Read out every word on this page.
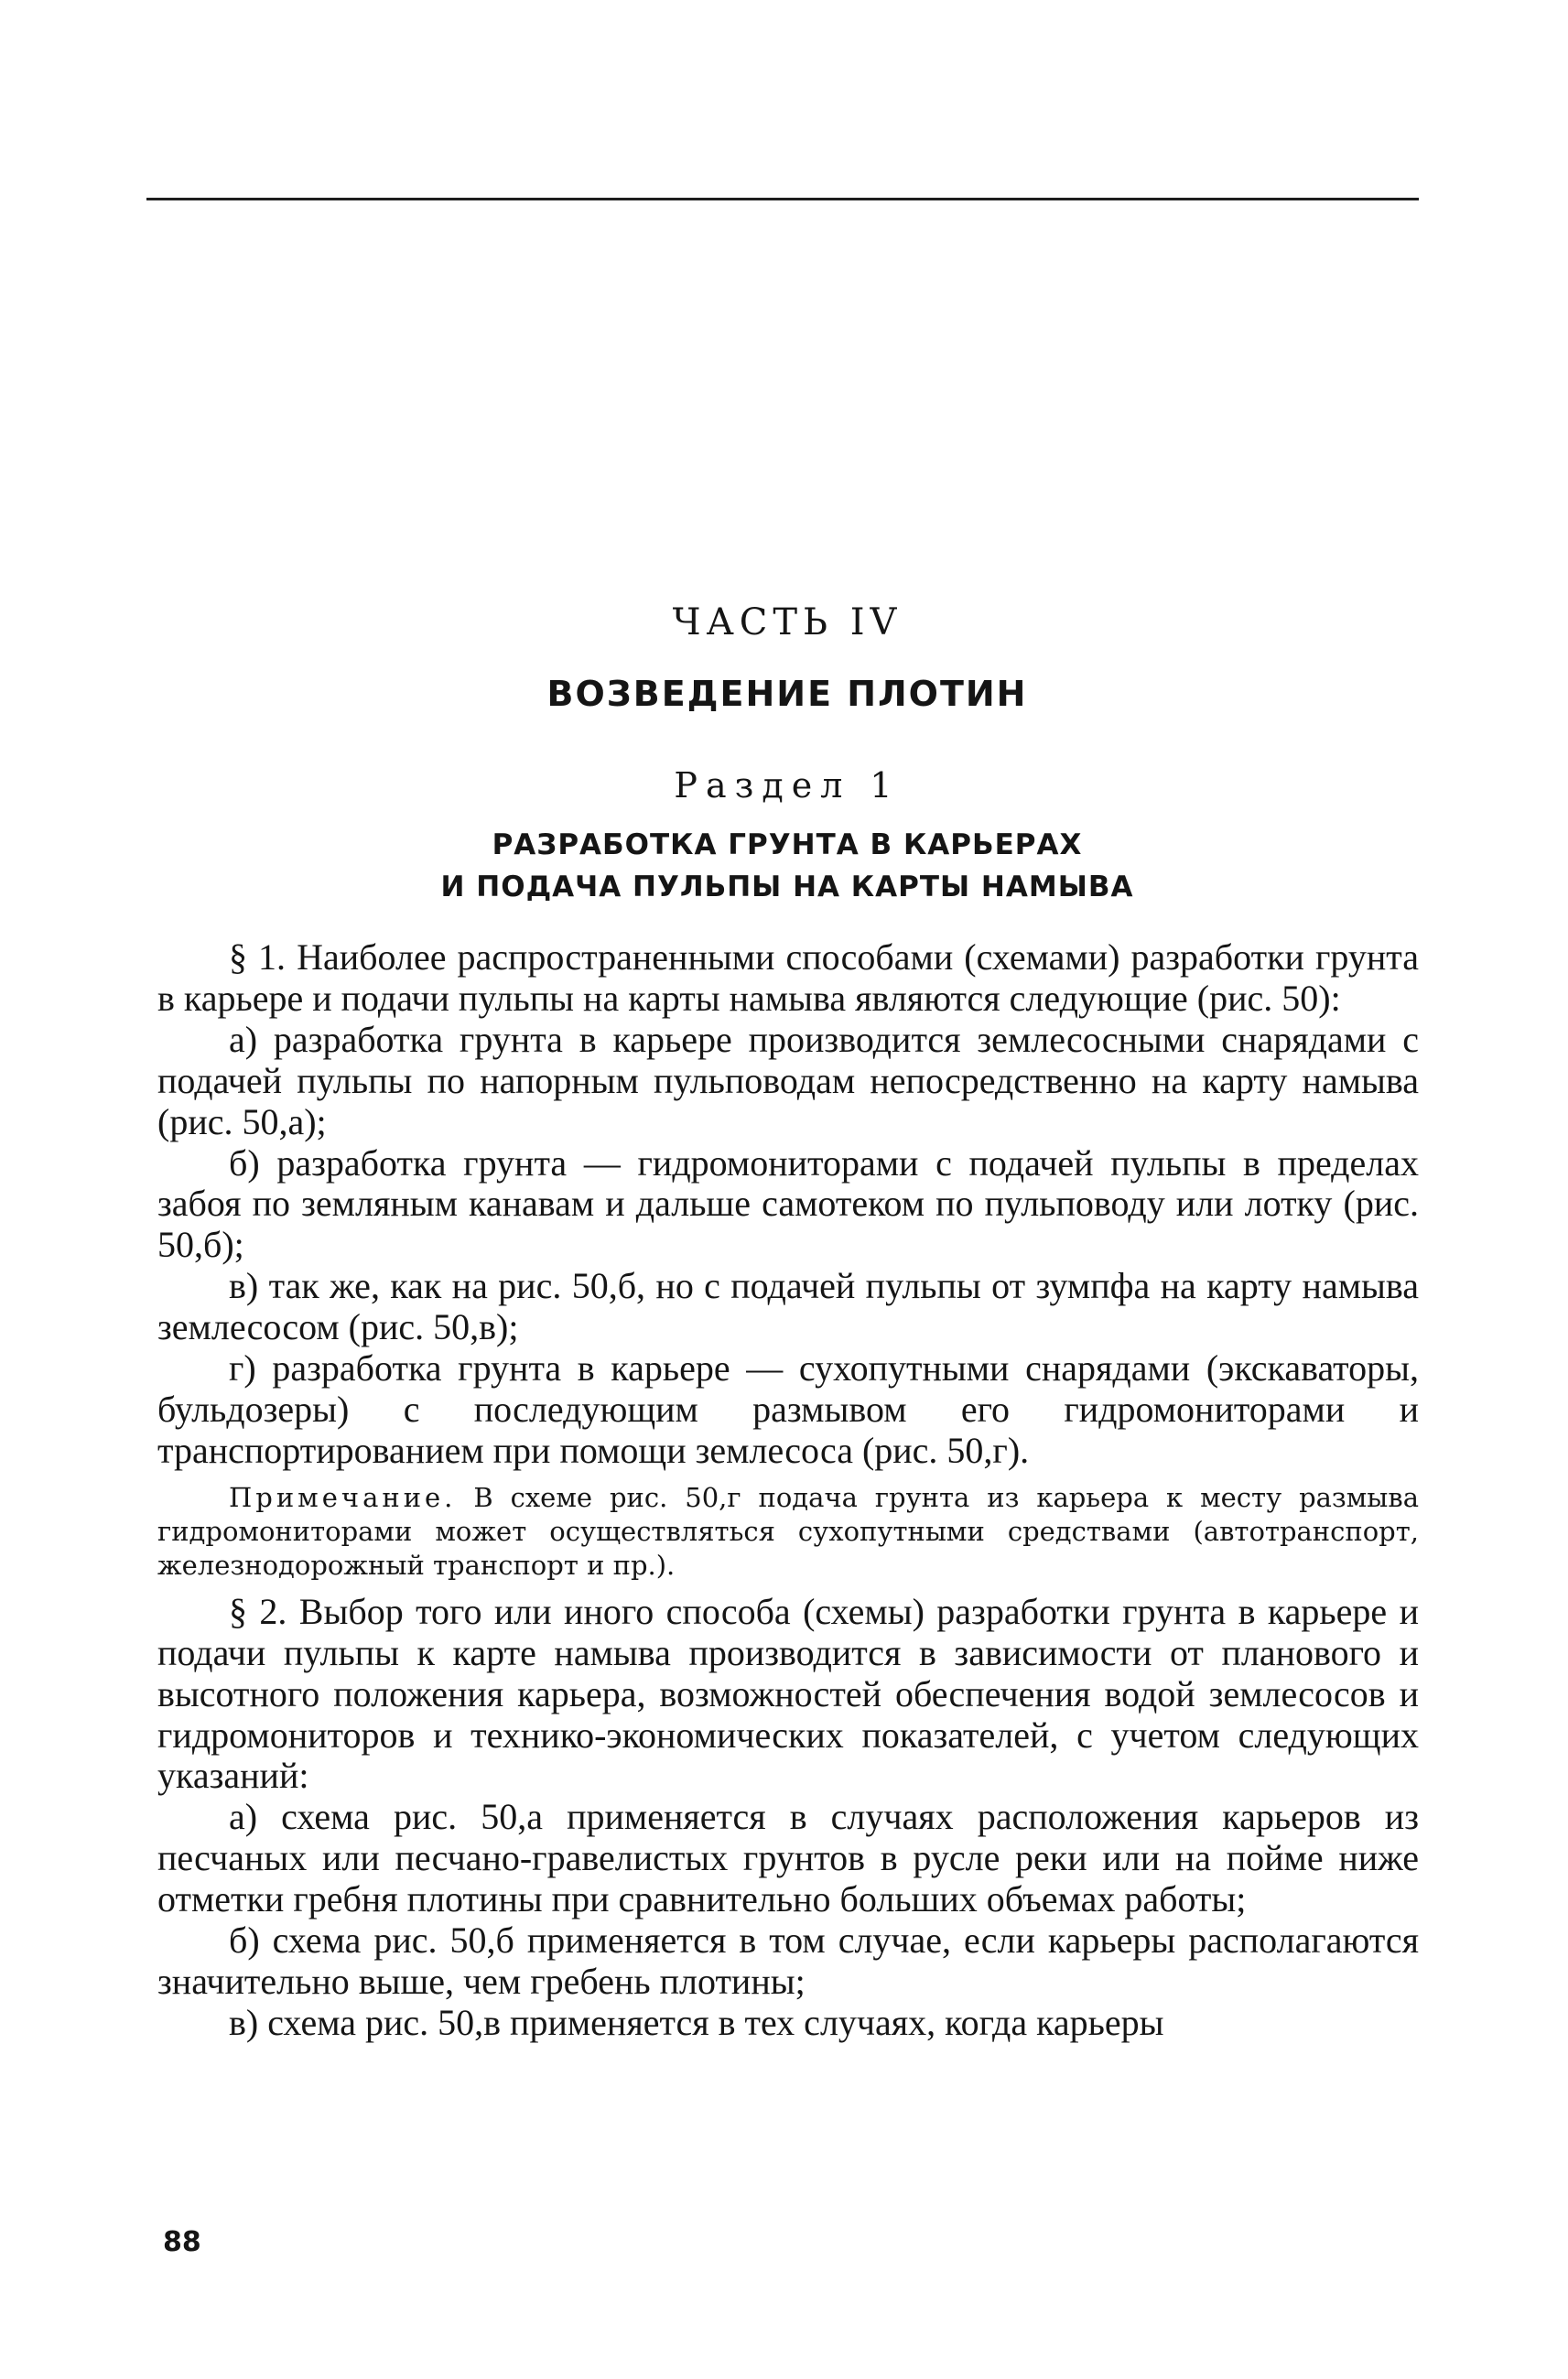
ЧАСТЬ IV
ВОЗВЕДЕНИЕ ПЛОТИН
Раздел 1
РАЗРАБОТКА ГРУНТА В КАРЬЕРАХ
И ПОДАЧА ПУЛЬПЫ НА КАРТЫ НАМЫВА

§ 1. Наиболее распространенными способами (схемами) разработки грунта в карьере и подачи пульпы на карты намыва являются следующие (рис. 50):

а) разработка грунта в карьере производится землесосными снарядами с подачей пульпы по напорным пульповодам непосредственно на карту намыва (рис. 50,а);

б) разработка грунта — гидромониторами с подачей пульпы в пределах забоя по земляным канавам и дальше самотеком по пульповоду или лотку (рис. 50,б);

в) так же, как на рис. 50,б, но с подачей пульпы от зумпфа на карту намыва землесосом (рис. 50,в);

г) разработка грунта в карьере — сухопутными снарядами (экскаваторы, бульдозеры) с последующим размывом его гидромониторами и транспортированием при помощи землесоса (рис. 50,г).

Примечание. В схеме рис. 50,г подача грунта из карьера к месту размыва гидромониторами может осуществляться сухопутными средствами (автотранспорт, железнодорожный транспорт и пр.).

§ 2. Выбор того или иного способа (схемы) разработки грунта в карьере и подачи пульпы к карте намыва производится в зависимости от планового и высотного положения карьера, возможностей обеспечения водой землесосов и гидромониторов и технико-экономических показателей, с учетом следующих указаний:

а) схема рис. 50,а применяется в случаях расположения карьеров из песчаных или песчано-гравелистых грунтов в русле реки или на пойме ниже отметки гребня плотины при сравнительно больших объемах работы;

б) схема рис. 50,б применяется в том случае, если карьеры располагаются значительно выше, чем гребень плотины;

в) схема рис. 50,в применяется в тех случаях, когда карьеры

88
